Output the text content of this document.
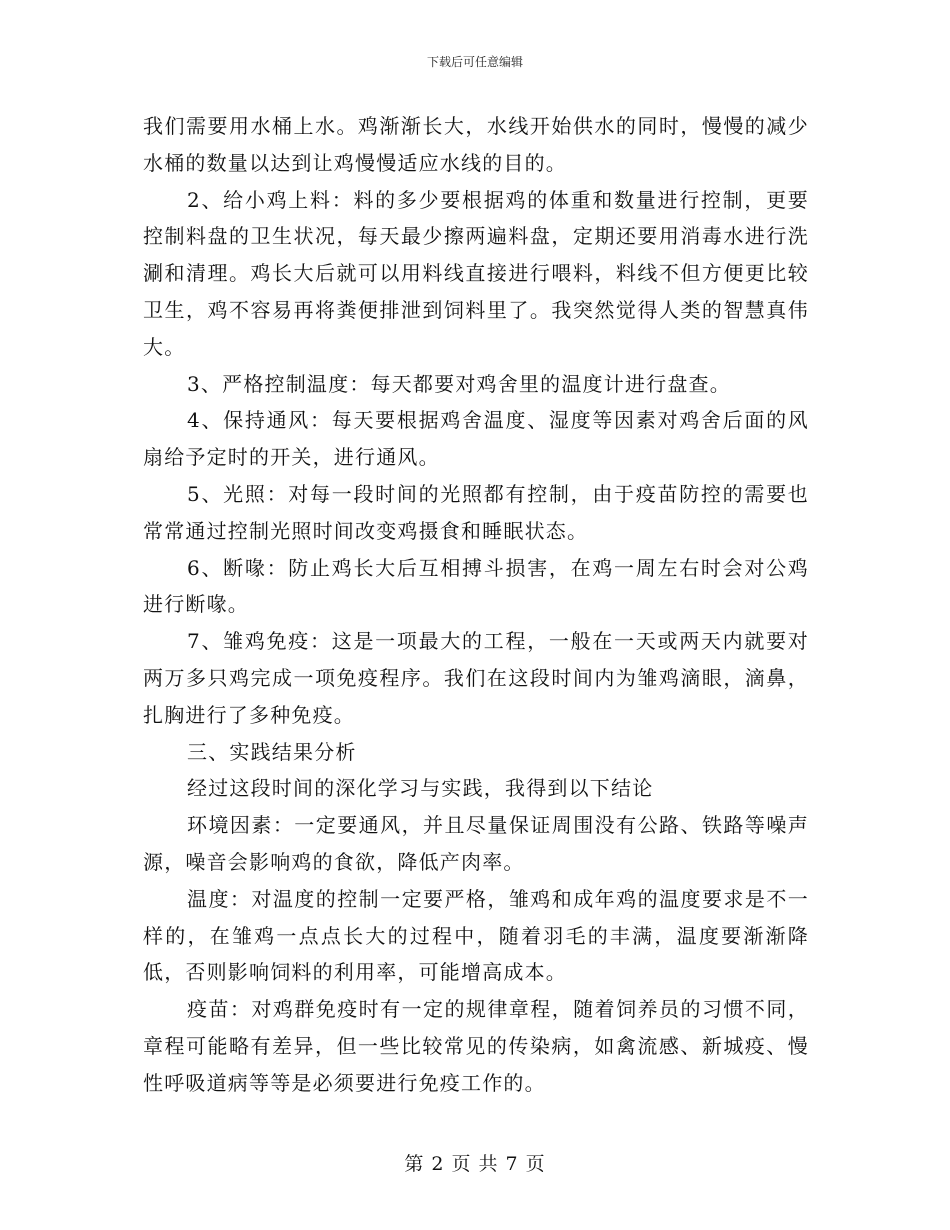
下载后可任意编辑

我们需要用水桶上水。鸡渐渐长大，水线开始供水的同时，慢慢的减少水桶的数量以达到让鸡慢慢适应水线的目的。

2、给小鸡上料：料的多少要根据鸡的体重和数量进行控制，更要控制料盘的卫生状况，每天最少擦两遍料盘，定期还要用消毒水进行洗涮和清理。鸡长大后就可以用料线直接进行喂料，料线不但方便更比较卫生，鸡不容易再将粪便排泄到饲料里了。我突然觉得人类的智慧真伟大。

3、严格控制温度：每天都要对鸡舍里的温度计进行盘查。

4、保持通风：每天要根据鸡舍温度、湿度等因素对鸡舍后面的风扇给予定时的开关，进行通风。

5、光照：对每一段时间的光照都有控制，由于疫苗防控的需要也常常通过控制光照时间改变鸡摄食和睡眠状态。

6、断喙：防止鸡长大后互相搏斗损害，在鸡一周左右时会对公鸡进行断喙。

7、雏鸡免疫：这是一项最大的工程，一般在一天或两天内就要对两万多只鸡完成一项免疫程序。我们在这段时间内为雏鸡滴眼，滴鼻，扎胸进行了多种免疫。

三、实践结果分析

经过这段时间的深化学习与实践，我得到以下结论

环境因素：一定要通风，并且尽量保证周围没有公路、铁路等噪声源，噪音会影响鸡的食欲，降低产肉率。

温度：对温度的控制一定要严格，雏鸡和成年鸡的温度要求是不一样的，在雏鸡一点点长大的过程中，随着羽毛的丰满，温度要渐渐降低，否则影响饲料的利用率，可能增高成本。

疫苗：对鸡群免疫时有一定的规律章程，随着饲养员的习惯不同，章程可能略有差异，但一些比较常见的传染病，如禽流感、新城疫、慢性呼吸道病等等是必须要进行免疫工作的。

第 2 页 共 7 页
